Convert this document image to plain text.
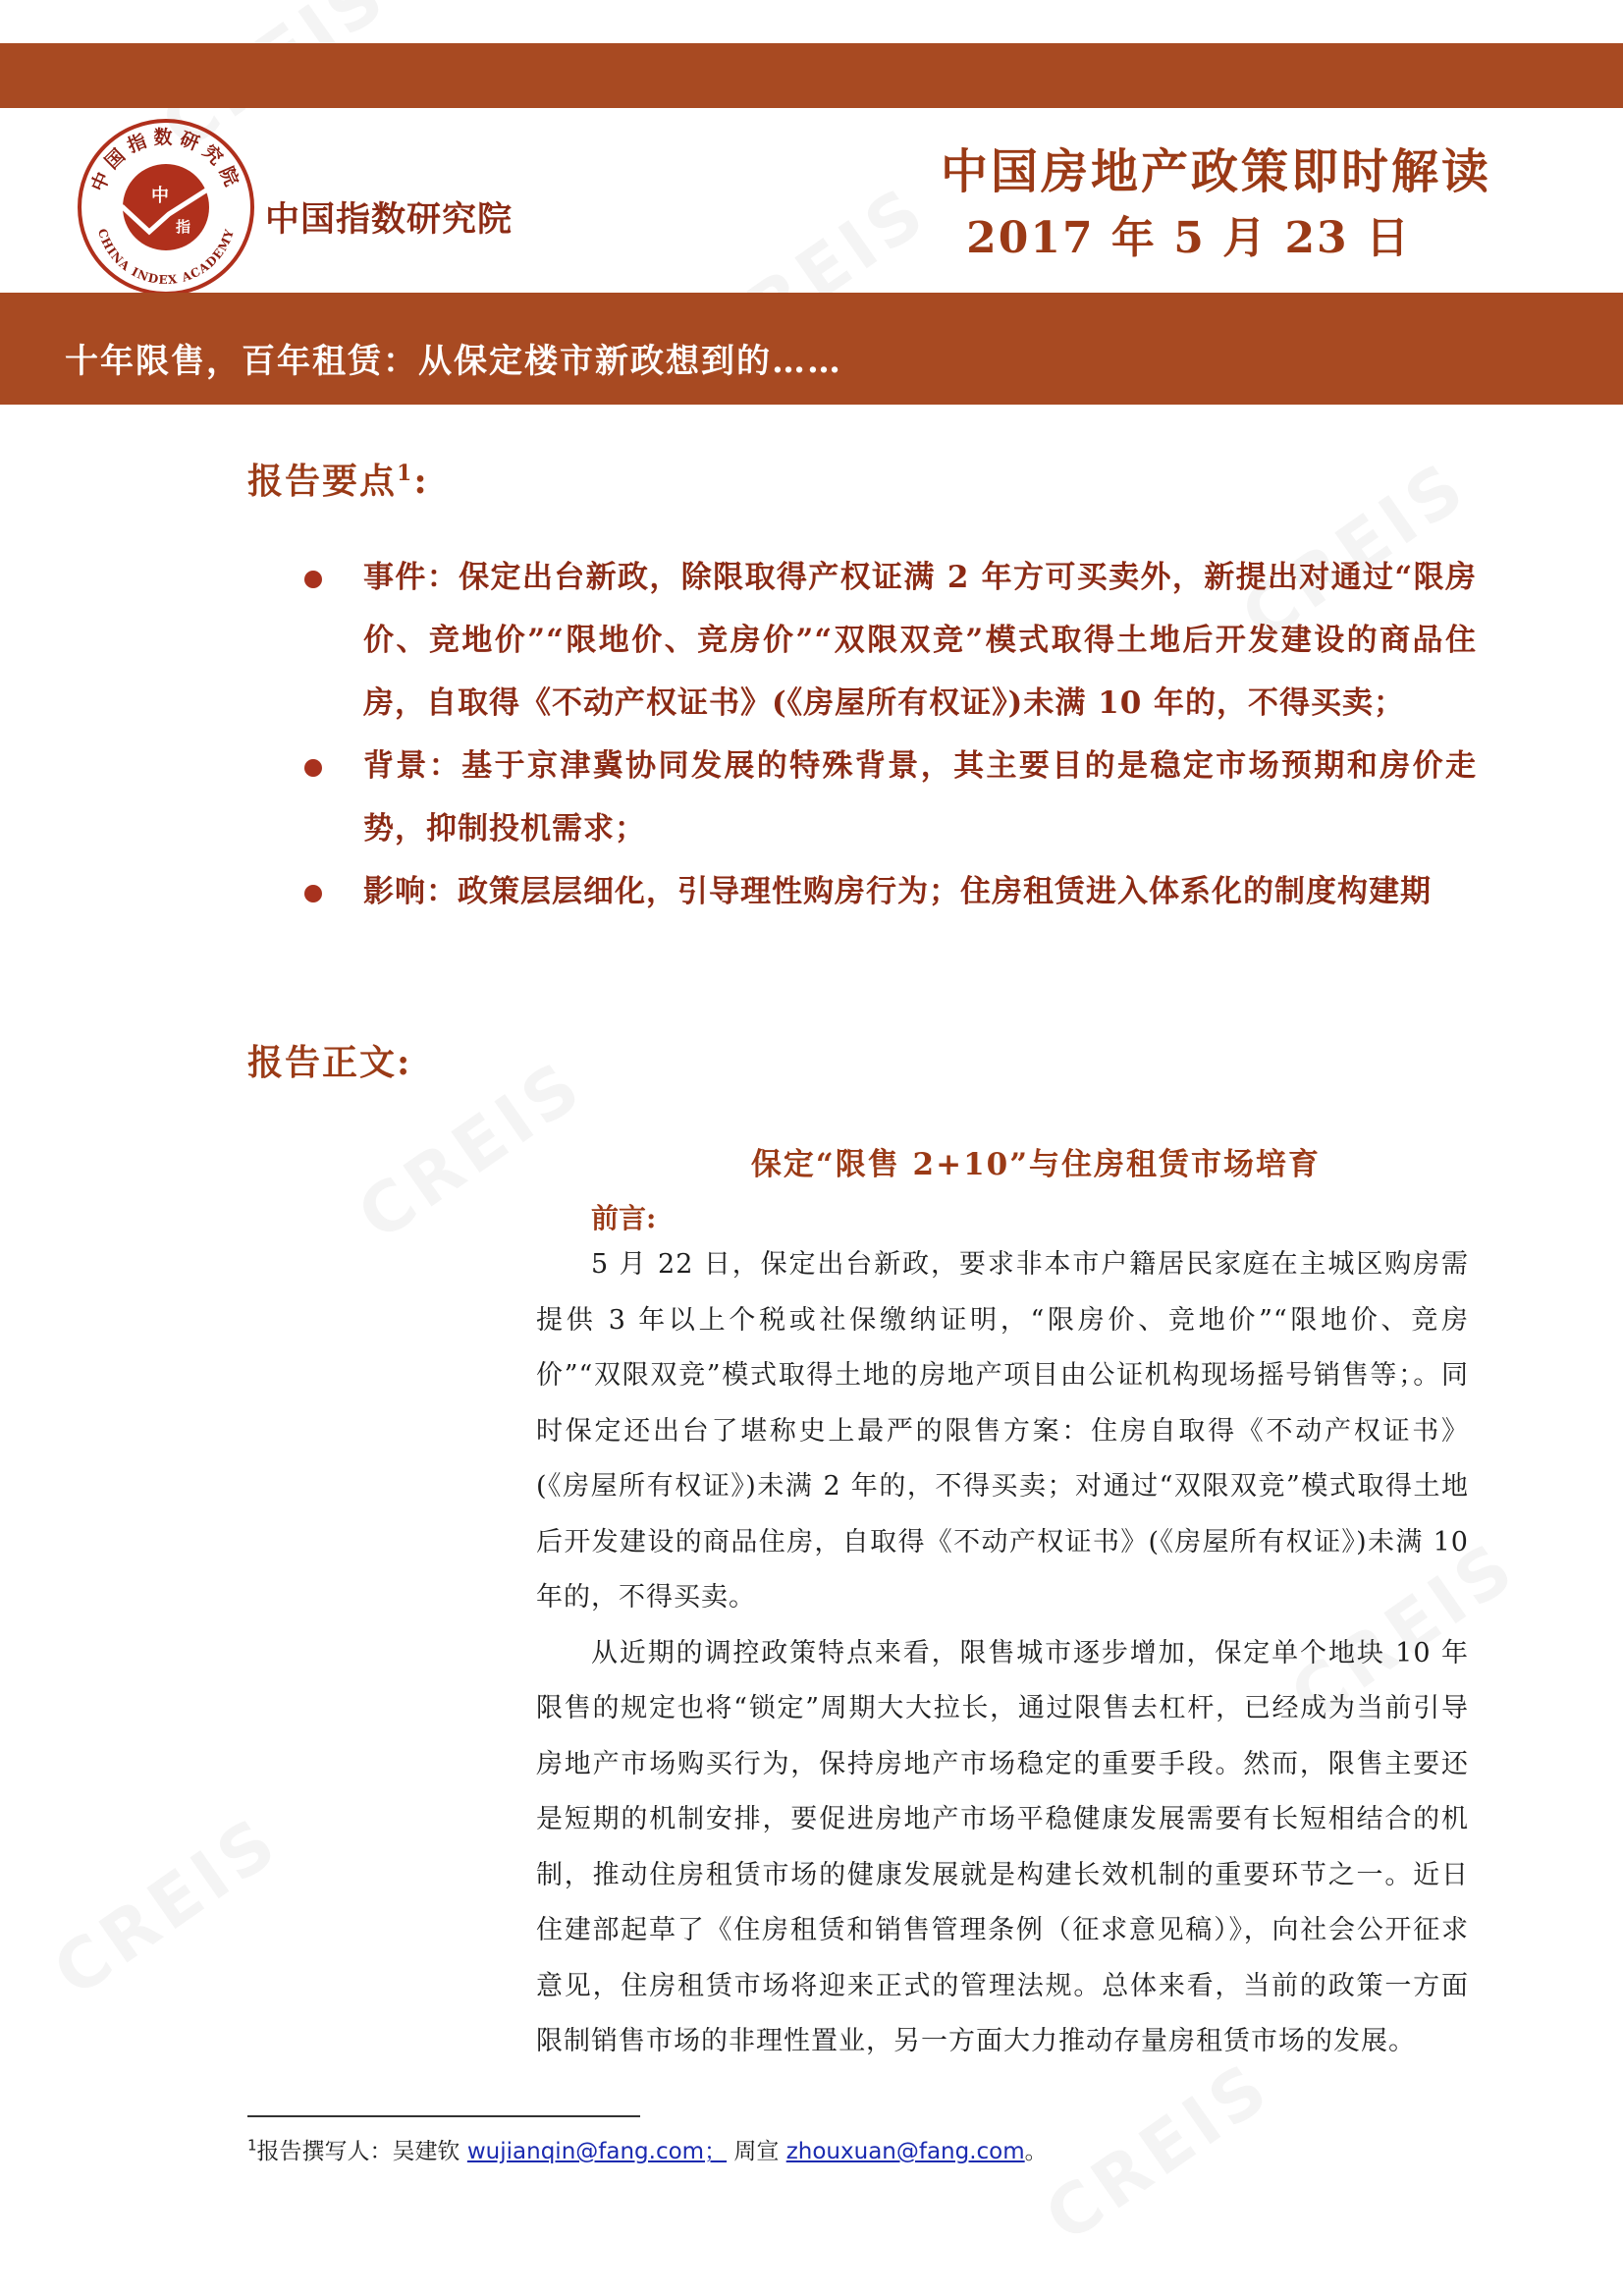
中国指数研究院
CHINA INDEX ACADEMY
中
指 中国指数研究院
中国房地产政策即时解读
2017 年 5 月 23 日
十年限售，百年租赁：从保定楼市新政想到的……
报告要点$^1$:
事件：保定出台新政，除限取得产权证满 2 年方可买卖外，新提出对通过“限房价、竞地价”“限地价、竞房价”“双限双竞”模式取得土地后开发建设的商品住房，自取得《不动产权证书》(《房屋所有权证》)未满 10 年的，不得买卖；
背景：基于京津冀协同发展的特殊背景，其主要目的是稳定市场预期和房价走势，抑制投机需求；
影响：政策层层细化，引导理性购房行为；住房租赁进入体系化的制度构建期
报告正文:
保定“限售 2+10”与住房租赁市场培育
前言:

5 月 22 日，保定出台新政，要求非本市户籍居民家庭在主城区购房需提供 3 年以上个税或社保缴纳证明，“限房价、竞地价”“限地价、竞房价”“双限双竞”模式取得土地的房地产项目由公证机构现场摇号销售等；。同时保定还出台了堪称史上最严的限售方案：住房自取得《不动产权证书》(《房屋所有权证》)未满 2 年的，不得买卖；对通过“双限双竞”模式取得土地后开发建设的商品住房，自取得《不动产权证书》(《房屋所有权证》)未满 10 年的，不得买卖。

从近期的调控政策特点来看，限售城市逐步增加，保定单个地块 10 年限售的规定也将“锁定”周期大大拉长，通过限售去杠杆，已经成为当前引导房地产市场购买行为，保持房地产市场稳定的重要手段。然而，限售主要还是短期的机制安排，要促进房地产市场平稳健康发展需要有长短相结合的机制，推动住房租赁市场的健康发展就是构建长效机制的重要环节之一。近日住建部起草了《住房租赁和销售管理条例（征求意见稿）》，向社会公开征求意见，住房租赁市场将迎来正式的管理法规。总体来看，当前的政策一方面限制销售市场的非理性置业，另一方面大力推动存量房租赁市场的发展。

$^1$报告撰写人：吴建钦 wujianqin@fang.com； 周宣 zhouxuan@fang.com。
